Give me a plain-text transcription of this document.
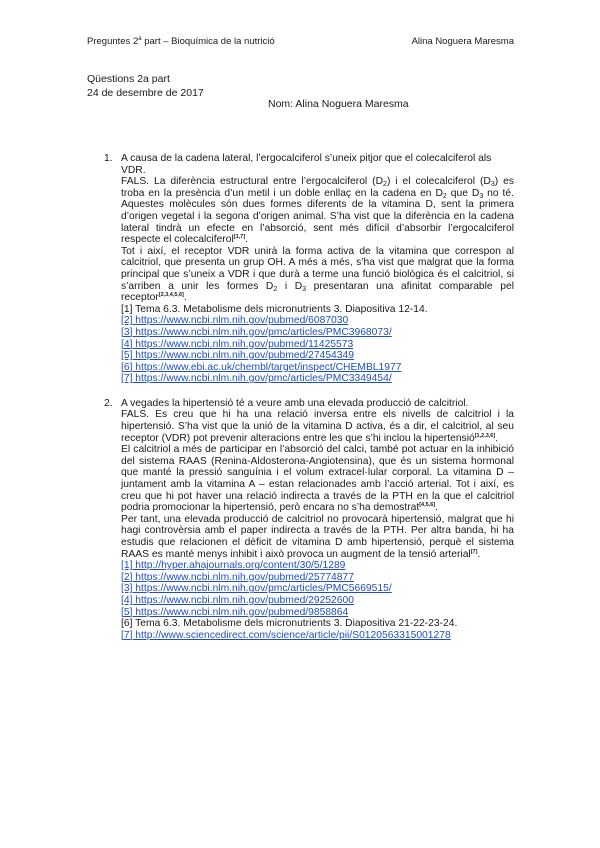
Preguntes 2$^a$ part – Bioquímica de la nutrició	Alina Noguera Maresma
Qüestions 2a part
24 de desembre de 2017
Nom: Alina Noguera Maresma
1. A causa de la cadena lateral, l’ergocalciferol s’uneix pitjor que el colecalciferol als VDR.

FALS. La diferència estructural entre l’ergocalciferol $(D_2)$ i el colecalciferol $(D_3)$ es troba en la presència d’un metil i un doble enllaç en la cadena en $D_2$ que $D_3$ no té. Aquestes molècules són dues formes diferents de la vitamina D, sent la primera d’origen vegetal i la segona d’origen animal. S’ha vist que la diferència en la cadena lateral tindrà un efecte en l’absorció, sent més difícil d’absorbir l’ergocalciferol respecte el colecalciferol[1,7].

Tot i així, el receptor VDR unirà la forma activa de la vitamina que correspon al calcitriol, que presenta un grup OH. A més a més, s’ha vist que malgrat que la forma principal que s’uneix a VDR i que durà a terme una funció biològica és el calcitriol, si s’arriben a unir les formes $D_2$ i $D_3$ presentaran una afinitat comparable pel receptor[2,3,4,5,6].

[1] Tema 6.3. Metabolisme dels micronutrients 3. Diapositiva 12-14.
[2] https://www.ncbi.nlm.nih.gov/pubmed/6087030
[3] https://www.ncbi.nlm.nih.gov/pmc/articles/PMC3968073/
[4] https://www.ncbi.nlm.nih.gov/pubmed/11425573
[5] https://www.ncbi.nlm.nih.gov/pubmed/27454349
[6] https://www.ebi.ac.uk/chembl/target/inspect/CHEMBL1977
[7] https://www.ncbi.nlm.nih.gov/pmc/articles/PMC3349454/
2. A vegades la hipertensió té a veure amb una elevada producció de calcitriol.

FALS. Es creu que hi ha una relació inversa entre els nivells de calcitriol i la hipertensió. S’ha vist que la unió de la vitamina D activa, és a dir, el calcitriol, al seu receptor (VDR) pot prevenir alteracions entre les que s’hi inclou la hipertensió[1,2,3,6].

El calcitriol a més de participar en l’absorció del calci, també pot actuar en la inhibició del sistema RAAS (Renina-Aldosterona-Angiotensina), que és un sistema hormonal que manté la pressió sanguínia i el volum extracel·lular corporal. La vitamina D – juntament amb la vitamina A – estan relacionades amb l’acció arterial. Tot i així, es creu que hi pot haver una relació indirecta a través de la PTH en la que el calcitriol podria promocionar la hipertensió, però encara no s’ha demostrat[4,5,6].

Per tant, una elevada producció de calcitriol no provocarà hipertensió, malgrat que hi hagi controvèrsia amb el paper indirecta a través de la PTH. Per altra banda, hi ha estudis que relacionen el dèficit de vitamina D amb hipertensió, perquè el sistema RAAS es manté menys inhibit i això provoca un augment de la tensió arterial[7].

[1] http://hyper.ahajournals.org/content/30/5/1289
[2] https://www.ncbi.nlm.nih.gov/pubmed/25774877
[3] https://www.ncbi.nlm.nih.gov/pmc/articles/PMC5669515/
[4] https://www.ncbi.nlm.nih.gov/pubmed/29252600
[5] https://www.ncbi.nlm.nih.gov/pubmed/9858864
[6] Tema 6.3. Metabolisme dels micronutrients 3. Diapositiva 21-22-23-24.
[7] http://www.sciencedirect.com/science/article/pii/S0120563315001278
